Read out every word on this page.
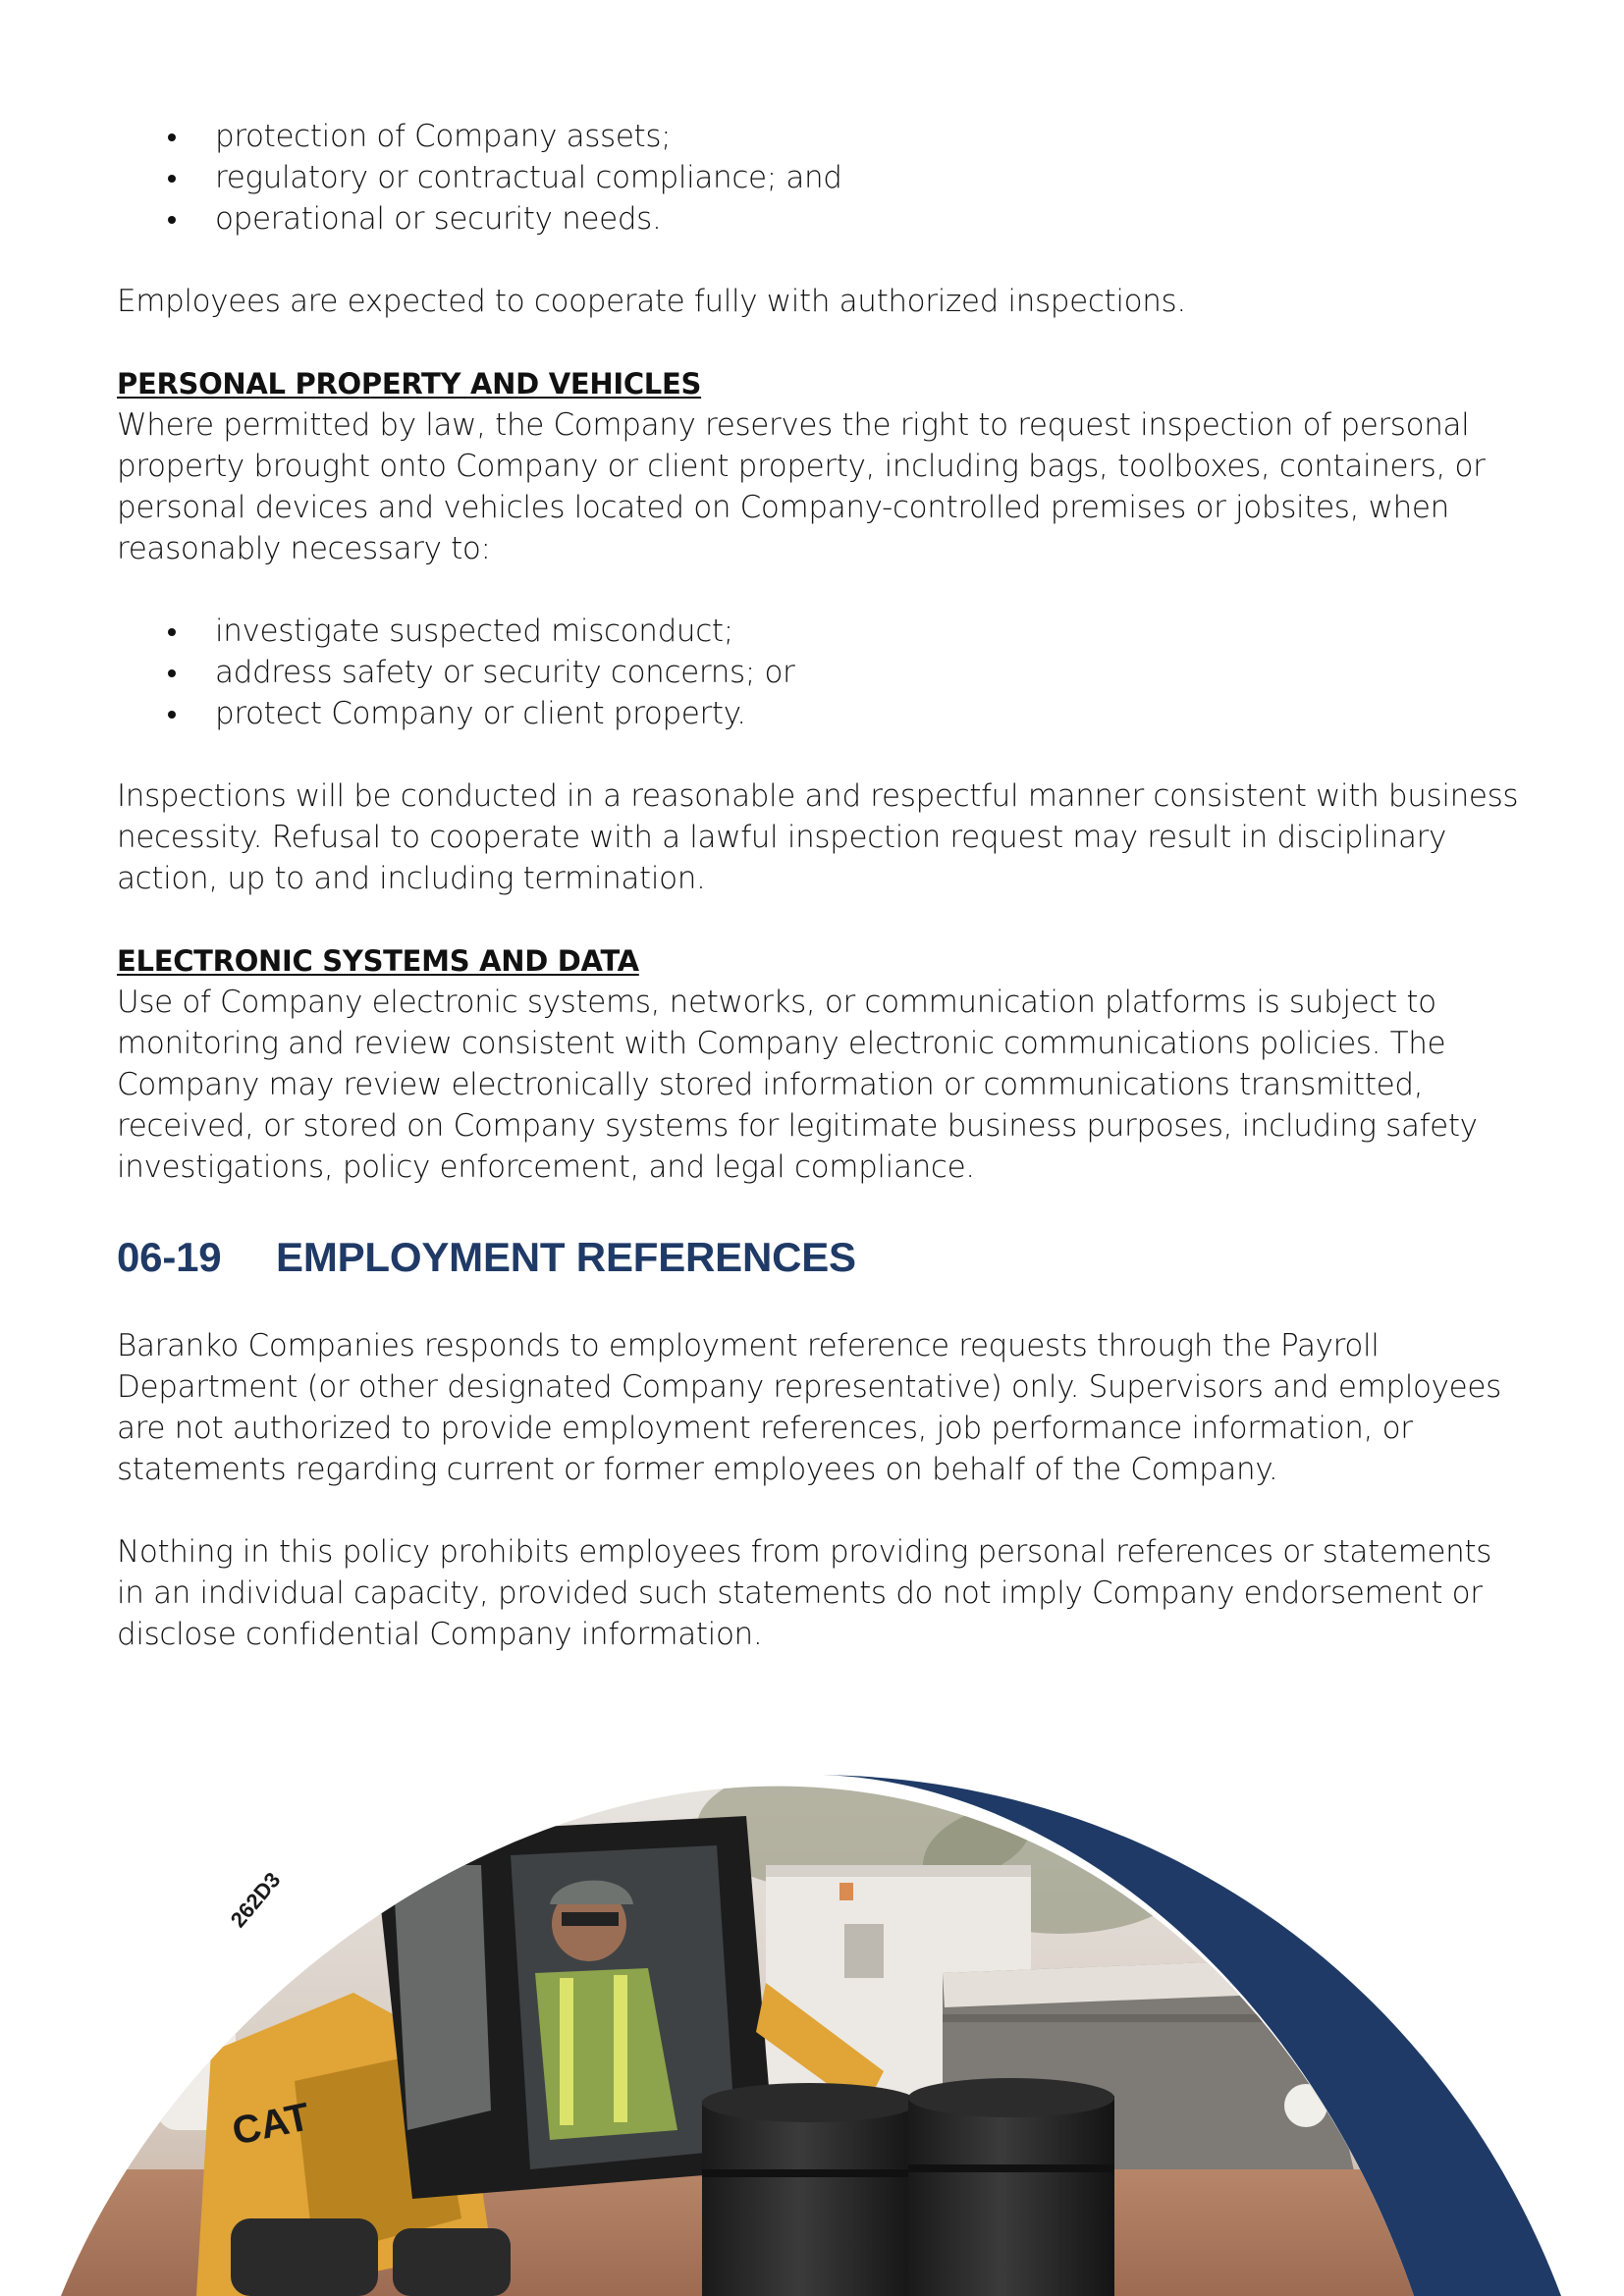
protection of Company assets;
regulatory or contractual compliance; and
operational or security needs.

Employees are expected to cooperate fully with authorized inspections.

PERSONAL PROPERTY AND VEHICLES

Where permitted by law, the Company reserves the right to request inspection of personal property brought onto Company or client property, including bags, toolboxes, containers, or personal devices and vehicles located on Company-controlled premises or jobsites, when reasonably necessary to:

investigate suspected misconduct;
address safety or security concerns; or
protect Company or client property.

Inspections will be conducted in a reasonable and respectful manner consistent with business necessity. Refusal to cooperate with a lawful inspection request may result in disciplinary action, up to and including termination.

ELECTRONIC SYSTEMS AND DATA

Use of Company electronic systems, networks, or communication platforms is subject to monitoring and review consistent with Company electronic communications policies. The Company may review electronically stored information or communications transmitted, received, or stored on Company systems for legitimate business purposes, including safety investigations, policy enforcement, and legal compliance.

06-19	EMPLOYMENT REFERENCES

Baranko Companies responds to employment reference requests through the Payroll Department (or other designated Company representative) only. Supervisors and employees are not authorized to provide employment references, job performance information, or statements regarding current or former employees on behalf of the Company.

Nothing in this policy prohibits employees from providing personal references or statements in an individual capacity, provided such statements do not imply Company endorsement or disclose confidential Company information.

CAT
262D3
